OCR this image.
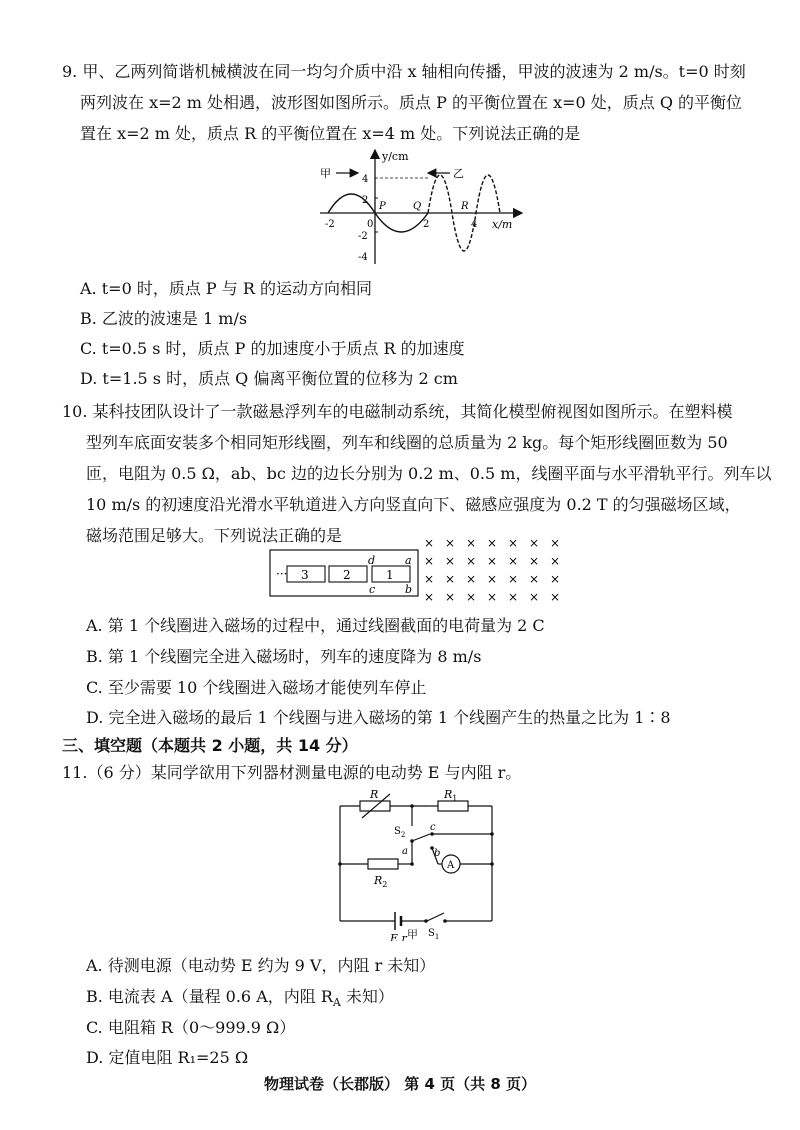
9. 甲、乙两列简谐机械横波在同一均匀介质中沿 x 轴相向传播，甲波的波速为 2 m/s。t=0 时刻
两列波在 x=2 m 处相遇，波形图如图所示。质点 P 的平衡位置在 x=0 处，质点 Q 的平衡位
置在 x=2 m 处，质点 R 的平衡位置在 x=4 m 处。下列说法正确的是
y/cm
x/m
4
2
-2
-4
-2	0	2	4
甲	乙
P	Q	R
A. t=0 时，质点 P 与 R 的运动方向相同
B. 乙波的波速是 1 m/s
C. t=0.5 s 时，质点 P 的加速度小于质点 R 的加速度
D. t=1.5 s 时，质点 Q 偏离平衡位置的位移为 2 cm
10. 某科技团队设计了一款磁悬浮列车的电磁制动系统，其简化模型俯视图如图所示。在塑料模
型列车底面安装多个相同矩形线圈，列车和线圈的总质量为 2 kg。每个矩形线圈匝数为 50
匝，电阻为 0.5 Ω，ab、bc 边的边长分别为 0.2 m、0.5 m，线圈平面与水平滑轨平行。列车以
10 m/s 的初速度沿光滑水平轨道进入方向竖直向下、磁感应强度为 0.2 T 的匀强磁场区域，
磁场范围足够大。下列说法正确的是
··· 3	2	1
d	a
c	b
× × × × × × ×
× × × × × × ×
× × × × × × ×
× × × × × × ×
A. 第 1 个线圈进入磁场的过程中，通过线圈截面的电荷量为 2 C
B. 第 1 个线圈完全进入磁场时，列车的速度降为 8 m/s
C. 至少需要 10 个线圈进入磁场才能使列车停止
D. 完全进入磁场的最后 1 个线圈与进入磁场的第 1 个线圈产生的热量之比为 1∶8
三、填空题（本题共 2 小题，共 14 分）
11.（6 分）某同学欲用下列器材测量电源的电动势 E 与内阻 r。
R	$R_1$
$R_2$
$S_2$
a	b
c
A
E r $S_1$
甲
A. 待测电源（电动势 E 约为 9 V，内阻 r 未知）
B. 电流表 A（量程 0.6 A，内阻 $R_A$ 未知）
C. 电阻箱 R（0～999.9 Ω）
D. 定值电阻 R₁=25 Ω
物理试卷（长郡版） 第 4 页（共 8 页）
